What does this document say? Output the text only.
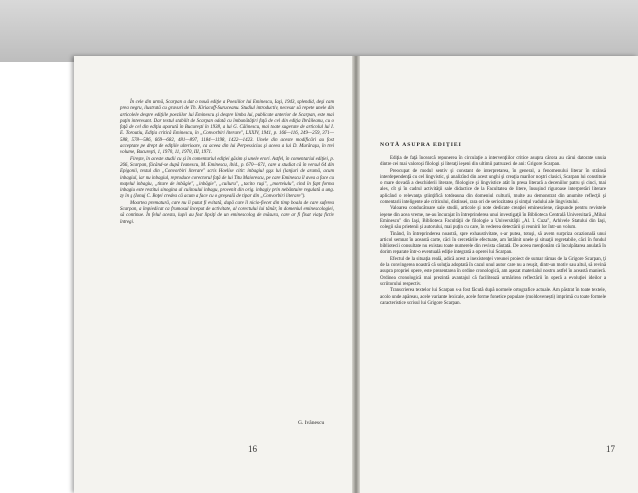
În cele din urmă, Scarpan a dat o nouă ediţie a Poesiilor lui Eminescu, Iaşi, 1943, splendid, deşi cam prea negru, ilustrată cu gravuri de Th. Kiriacoff-Suruceanu. Studiul introductiv, necesar să repete unele din articolele despre ediţiile poeziilor lui Eminescu şi despre limba lui, publicate anterior de Scarpan, este mai puţin interesant. Dar textul stabilit de Scarpan odată cu îmbunătăţiri faţă de cel din ediţia Ibrăileanu, cu o faţă de cel din ediţia aparută în Bucureşti în 1938, a lui G. Călinescu, mai toate sugerate de articolul lui I. E. Toroutiu, Ediţia critică Eminescu, în „Convorbiri literare", LXXIV, 1941, p. 166—116, 249—259, 371—588, 578—586, 669—682, 481—897, 1184—1198, 1422—1423. Unele din aceste modificări au fost acceptate pe drept de ediţiile ulterioare, ca aceea din lui Perpessicius şi aceea a lui D. Murăraşu, în trei volume, Bucureşti, 1, 1970, 11, 1970, III, 1971.

Firește, în aceste studii cu și în comentariul ediţiei găsim și unele erori. Astfel, în comentariul ediţiei, p. 266, Scarpan, făcând-se după Ivanescu, M. Eminescu, ibid., p. 670—671, care a studiat că în versul 64 din Epigonii, textul din „Convorbiri literare" scris Hoelise citit: inbagiul şşşs lui (lanjuri de aramă, acum inbagiul, iar nu inbagiul, reproduce corectorul faţă de lui Titu Maiorescu, pe care Eminescu îl avea a face cu maţelul inbagiu, „titare de inbăgie", „inbăgie", „cuiluru", „tacito ruşi", „morteiulu", cind în fapt forma inbagiu este restitui sinogina al cuiitoului inbagu, provenit din orig. inbagiy prin nebântuire regulată a ung. zy în ş (Ionuj C. Boţei credea că acum a face cu o greşeală de tipar din „Convorbiri literare").

Moartea prematură, care nu îi putut fi evitată, după care îl nicio-fiecet din timp boala de care suferea Scarpan, a împiedicat ca frumosul început de activitate, al corectului lui tânăr, în domeniul eminescologiei, să continue. În felul acesta, lupii au fost lipsiţi de un eminescolog de măsura, care ar fi fixat viaţa fictiv întregi.

G. Ivănescu
16
NOTĂ ASUPRA EDIŢIEI

Ediţia de faţă încearcă repunerea în circulaţie a intervenţiilor critice asupra cărora au cărui datorate unuia dintre cei mai valoroşi filologi şi literaţi ieşeni din ultimii patruzeci de ani: Grigore Scarpan.

Preocupat de modul sentiv şi constant de interpretarea, în general, a fenomenului literar în strânsă interdependenţă cu cel lingvistic, şi analizînd din acest unghi şi creaţia marilor noştri clasici, Scarpan lui constituie o mare dovadă a deschiderii literare, filologice şi lingvistice atât în presa literară a deceniilor patru şi cinci, mai ales, cît şi în cadrul activităţii sale didactice de la Facultatea de litere, însuşind riguroase interpretări literare aplicând o relevanţa ştiinţifică totdeauna din domeniul culturii, multe au demonstrat din anumite reflecţii şi comentarii inteligente ale criticului, distinsei, rara ori de seriozitatea şi simţul vadului ale lingvistului.

Valoarea conducătoare sale studii, articole şi note dedicate creaţiei eminesciene, răspunde pentru revistele ieşene din acea vreme, ne-au încurajat în întreprinderea unui investigaţii în Biblioteca Centrală Universitară „Mihai Eminescu" din Iaşi, Biblioteca Facultăţii de filologie a Universităţii „Al. I. Cuza", Arhivele Statului din Iaşi, colegii său prietenii şi autorului, mai puţin cu care, în vederea detectării şi reunirii lor într-un volum.

Tinând, în întreprinderea noastră, spre exhaustivitate, s-ar putea, totuşi, să avem surpriza ocazională unui articol semnat în această carte, căci în cercetările efectuate, am întâlnit unele şi situaţii regretabile, căci în fondul bibliotecii consultate nu existau toate numerele din revista căutată. De aceea menţionăm că înculpătarea anulată în dorim reparate într-o eventuală ediţie integrată a operei lui Scarpan.

Efectul de la situaţia reală, adică acest a inexistenţei vreunei proiect de sumar rămas de la Grigore Scarpan, ţi de la convingerea noastră că soluţia adoptată în cazul unul autor care nu a reuşit, dintr-un motiv sau altul, să revină asupra propriei opere, este prezentarea în ordine cronologică, am aşezat materialul nostru astfel în această manieră. Ordinea cronologică mai prezintă avantajul că facilitează urmărirea reflectării în operă a evoluţiei ideilor a scriitorului respectiv.

Transcrierea textelor lui Scarpan s-a fost făcută după normele ortografice actuale. Am păstrat în toate textele, acolo unde apăreau, acele variante lexicale, acele forme fonetice populare (moldovenești) imprimă cu toate formele caracteristice scrisul lui Grigore Scarpan.

17
